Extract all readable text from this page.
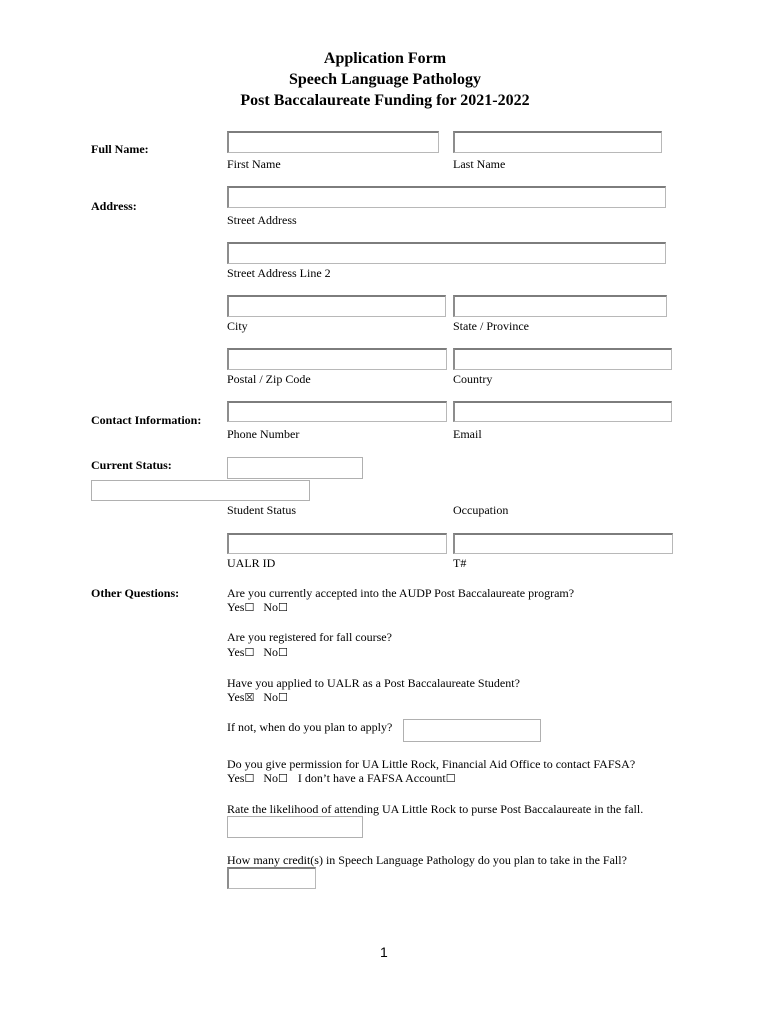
Application Form
Speech Language Pathology
Post Baccalaureate Funding for 2021-2022
Full Name:
First Name	Last Name
Address:
Street Address
Street Address Line 2
City	State / Province
Postal / Zip Code	Country
Contact Information:
Phone Number	Email
Current Status:
Student Status	Occupation
UALR ID	T#
Other Questions:	Are you currently accepted into the AUDP Post Baccalaureate program?
Yes☐ No☐
Are you registered for fall course?
Yes☐ No☐
Have you applied to UALR as a Post Baccalaureate Student?
Yes☒ No☐
If not, when do you plan to apply?
Do you give permission for UA Little Rock, Financial Aid Office to contact FAFSA?
Yes☐ No☐ I don’t have a FAFSA Account☐
Rate the likelihood of attending UA Little Rock to purse Post Baccalaureate in the fall.
How many credit(s) in Speech Language Pathology do you plan to take in the Fall?
1
